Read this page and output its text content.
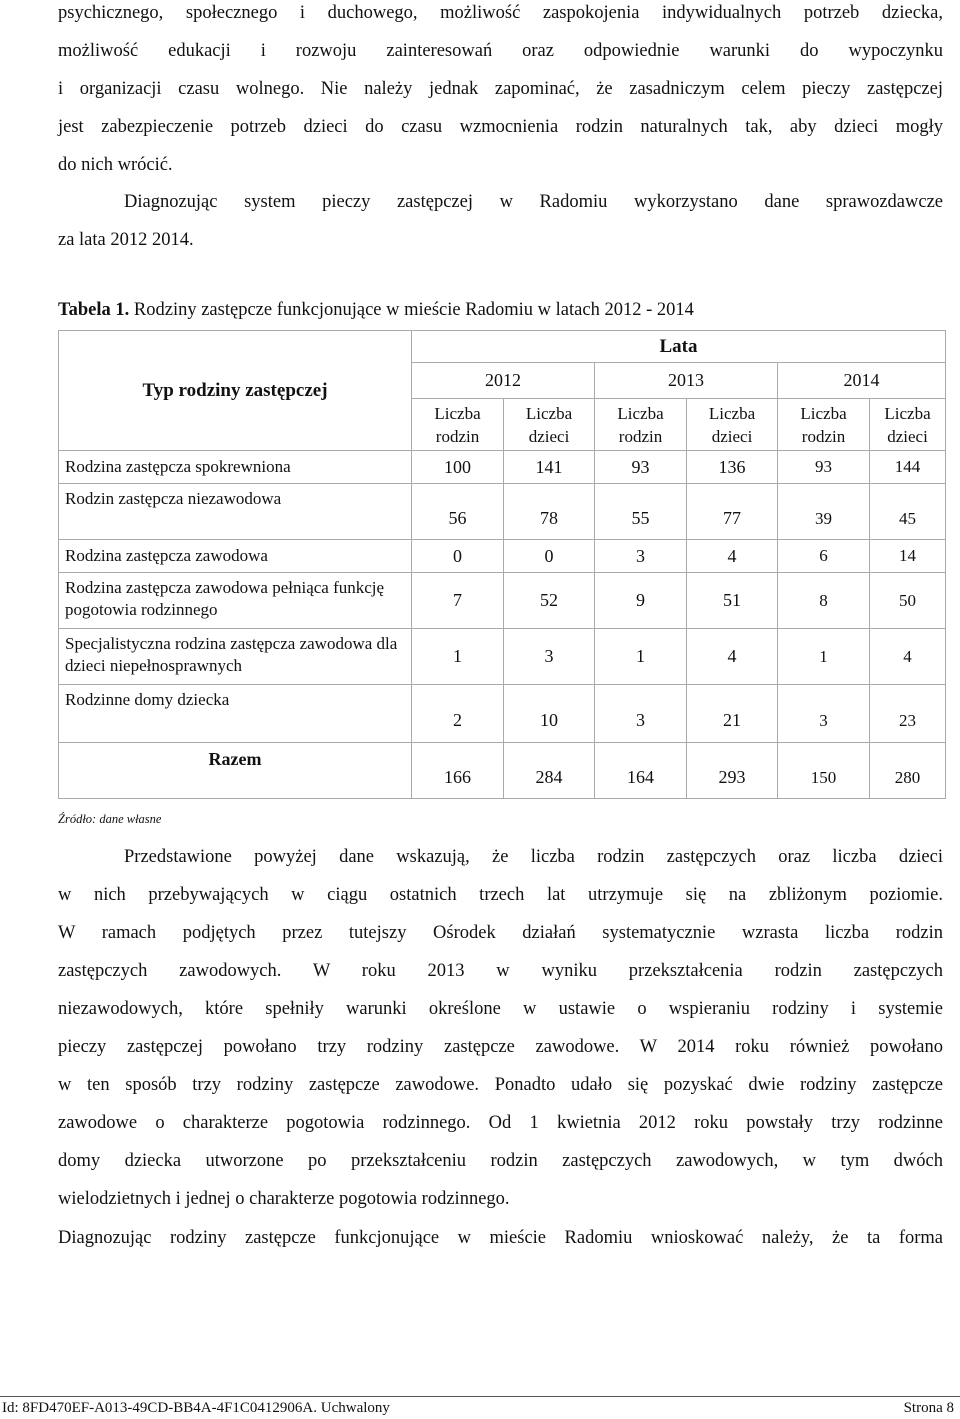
psychicznego, społecznego i duchowego, możliwość zaspokojenia indywidualnych potrzeb dziecka,
możliwość edukacji i rozwoju zainteresowań oraz odpowiednie warunki do wypoczynku
i organizacji czasu wolnego. Nie należy jednak zapominać, że zasadniczym celem pieczy zastępczej
jest zabezpieczenie potrzeb dzieci do czasu wzmocnienia rodzin naturalnych tak, aby dzieci mogły
do nich wrócić.
Diagnozując system pieczy zastępczej w Radomiu wykorzystano dane sprawozdawcze
za lata 2012 2014.
Tabela 1. Rodziny zastępcze funkcjonujące w mieście Radomiu w latach 2012 - 2014
Typ rodziny zastępczej	Lata					
	2012		2013		2014	
	Liczba rodzin	Liczba dzieci	Liczba rodzin	Liczba dzieci	Liczba rodzin	Liczba dzieci
Rodzina zastępcza spokrewniona	100	141	93	136	93	144
Rodzin zastępcza niezawodowa	56	78	55	77	39	45
Rodzina zastępcza zawodowa	0	0	3	4	6	14

Rodzina zastępcza zawodowa pełniąca funkcję pogotowia rodzinnego	7	52	9	51	8	50

Specjalistyczna rodzina zastępcza zawodowa dla dzieci niepełnosprawnych	1	3	1	4	1	4
Rodzinne domy dziecka	2	10	3	21	3	23
Razem	166	284	164	293	150	280
Źródło: dane własne
Przedstawione powyżej dane wskazują, że liczba rodzin zastępczych oraz liczba dzieci
w nich przebywających w ciągu ostatnich trzech lat utrzymuje się na zbliżonym poziomie.
W ramach podjętych przez tutejszy Ośrodek działań systematycznie wzrasta liczba rodzin
zastępczych zawodowych. W roku 2013 w wyniku przekształcenia rodzin zastępczych
niezawodowych, które spełniły warunki określone w ustawie o wspieraniu rodziny i systemie
pieczy zastępczej powołano trzy rodziny zastępcze zawodowe. W 2014 roku również powołano
w ten sposób trzy rodziny zastępcze zawodowe. Ponadto udało się pozyskać dwie rodziny zastępcze
zawodowe o charakterze pogotowia rodzinnego. Od 1 kwietnia 2012 roku powstały trzy rodzinne
domy dziecka utworzone po przekształceniu rodzin zastępczych zawodowych, w tym dwóch
wielodzietnych i jednej o charakterze pogotowia rodzinnego.
Diagnozując rodziny zastępcze funkcjonujące w mieście Radomiu wnioskować należy, że ta forma
Id: 8FD470EF-A013-49CD-BB4A-4F1C0412906A. Uchwalony	Strona 8
